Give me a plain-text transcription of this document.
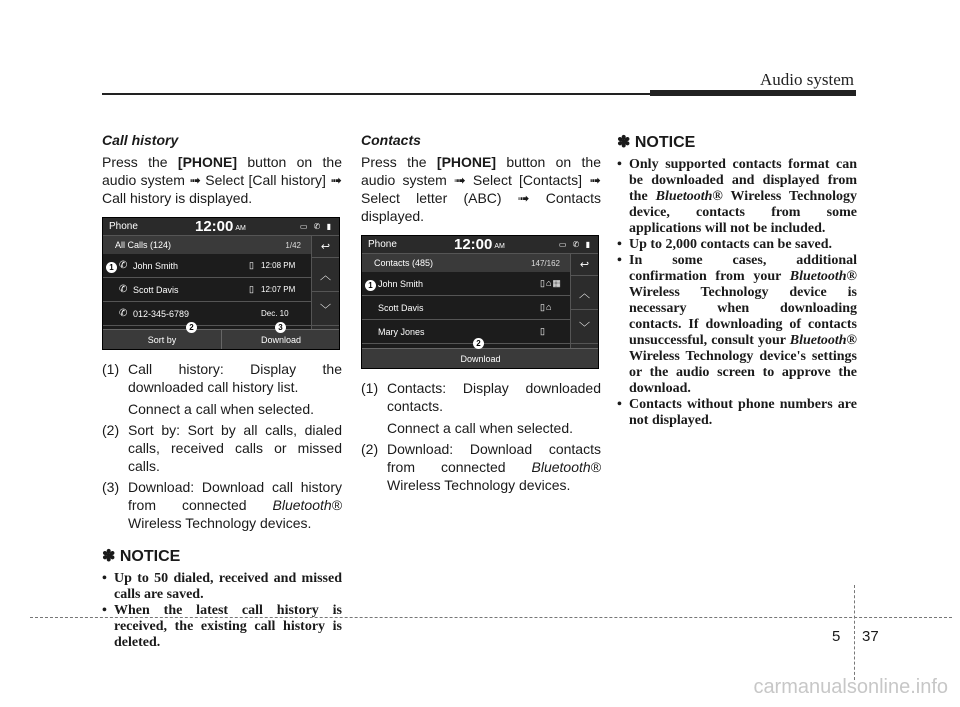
Audio system
Call history
Press the [PHONE] button on the audio system ➟ Select [Call history] ➟ Call history is displayed.
Phone	12:00 AM	▭ ✆ ▮
All Calls (124)	1/42
✆ John Smith	▯ 12:08 PM
✆ Scott Davis	▯ 12:07 PM
✆ 012-345-6789	Dec. 10
↩
︿
﹀
Sort by	Download
1
2	3
(1) Call history: Display the downloaded call history list.
Connect a call when selected.
(2) Sort by: Sort by all calls, dialed calls, received calls or missed calls.
(3) Download: Download call history from connected Bluetooth® Wireless Technology devices.
✽ NOTICE
• Up to 50 dialed, received and missed calls are saved.
• When the latest call history is received, the existing call history is deleted.
Contacts
Press the [PHONE] button on the audio system ➟ Select [Contacts] ➟ Select letter (ABC) ➟ Contacts displayed.
Phone	12:00 AM	▭ ✆ ▮
Contacts (485)	147/162
John Smith	▯⌂▦
Scott Davis	▯⌂
Mary Jones	▯
↩
︿
﹀
Download
1
2
(1) Contacts: Display downloaded contacts.
Connect a call when selected.
(2) Download: Download contacts from connected Bluetooth® Wireless Technology devices.
✽ NOTICE
• Only supported contacts format can be downloaded and displayed from the Bluetooth® Wireless Technology device, contacts from some applications will not be included.
• Up to 2,000 contacts can be saved.
• In some cases, additional confirmation from your Bluetooth® Wireless Technology device is necessary when downloading contacts. If downloading of contacts unsuccessful, consult your Bluetooth® Wireless Technology device's settings or the audio screen to approve the download.
• Contacts without phone numbers are not displayed.
5 37
carmanualsonline.info
